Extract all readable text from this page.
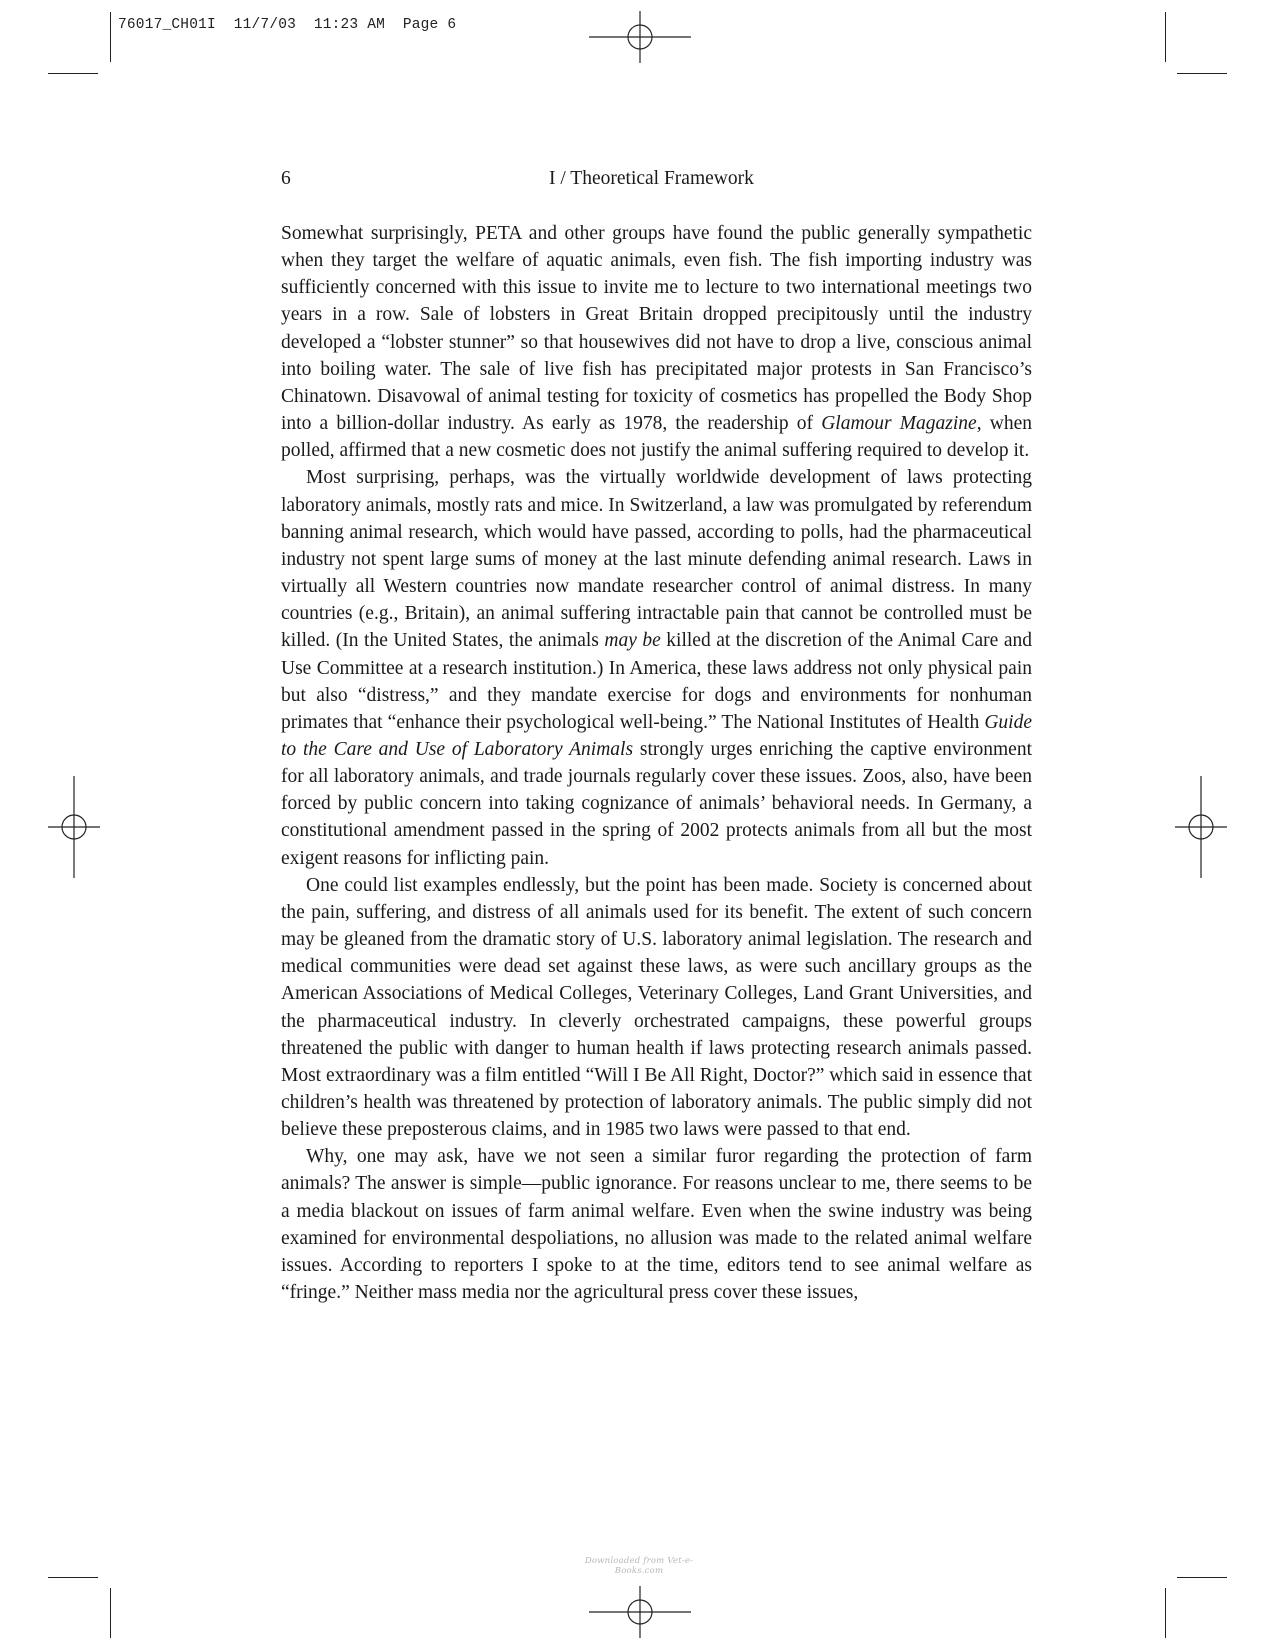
76017_CH01I  11/7/03  11:23 AM  Page 6
6	I / Theoretical Framework

Somewhat surprisingly, PETA and other groups have found the public generally sympathetic when they target the welfare of aquatic animals, even fish. The fish importing industry was sufficiently concerned with this issue to invite me to lecture to two international meetings two years in a row. Sale of lobsters in Great Britain dropped precipitously until the industry developed a “lobster stunner” so that housewives did not have to drop a live, conscious animal into boiling water. The sale of live fish has precipitated major protests in San Francisco’s Chinatown. Disavowal of animal testing for toxicity of cosmetics has propelled the Body Shop into a billion-dollar industry. As early as 1978, the readership of Glamour Magazine, when polled, affirmed that a new cosmetic does not justify the animal suffering required to develop it.

Most surprising, perhaps, was the virtually worldwide development of laws protecting laboratory animals, mostly rats and mice. In Switzerland, a law was promulgated by referendum banning animal research, which would have passed, according to polls, had the pharmaceutical industry not spent large sums of money at the last minute defending animal research. Laws in virtually all Western countries now mandate researcher control of animal distress. In many countries (e.g., Britain), an animal suffering intractable pain that cannot be controlled must be killed. (In the United States, the animals may be killed at the discretion of the Animal Care and Use Committee at a research institution.) In America, these laws address not only physical pain but also “distress,” and they mandate exercise for dogs and environments for nonhuman primates that “enhance their psychological well-being.” The National Institutes of Health Guide to the Care and Use of Laboratory Animals strongly urges enriching the captive environment for all laboratory animals, and trade journals regularly cover these issues. Zoos, also, have been forced by public concern into taking cognizance of animals’ behavioral needs. In Germany, a constitutional amendment passed in the spring of 2002 protects animals from all but the most exigent reasons for inflicting pain.

One could list examples endlessly, but the point has been made. Society is concerned about the pain, suffering, and distress of all animals used for its benefit. The extent of such concern may be gleaned from the dramatic story of U.S. laboratory animal legislation. The research and medical communities were dead set against these laws, as were such ancillary groups as the American Associations of Medical Colleges, Veterinary Colleges, Land Grant Universities, and the pharmaceutical industry. In cleverly orchestrated campaigns, these powerful groups threatened the public with danger to human health if laws protecting research animals passed. Most extraordinary was a film entitled “Will I Be All Right, Doctor?” which said in essence that children’s health was threatened by protection of laboratory animals. The public simply did not believe these preposterous claims, and in 1985 two laws were passed to that end.

Why, one may ask, have we not seen a similar furor regarding the protection of farm animals? The answer is simple—public ignorance. For reasons unclear to me, there seems to be a media blackout on issues of farm animal welfare. Even when the swine industry was being examined for environmental despoliations, no allusion was made to the related animal welfare issues. According to reporters I spoke to at the time, editors tend to see animal welfare as “fringe.” Neither mass media nor the agricultural press cover these issues,

Downloaded from Vet-e-Books.com
